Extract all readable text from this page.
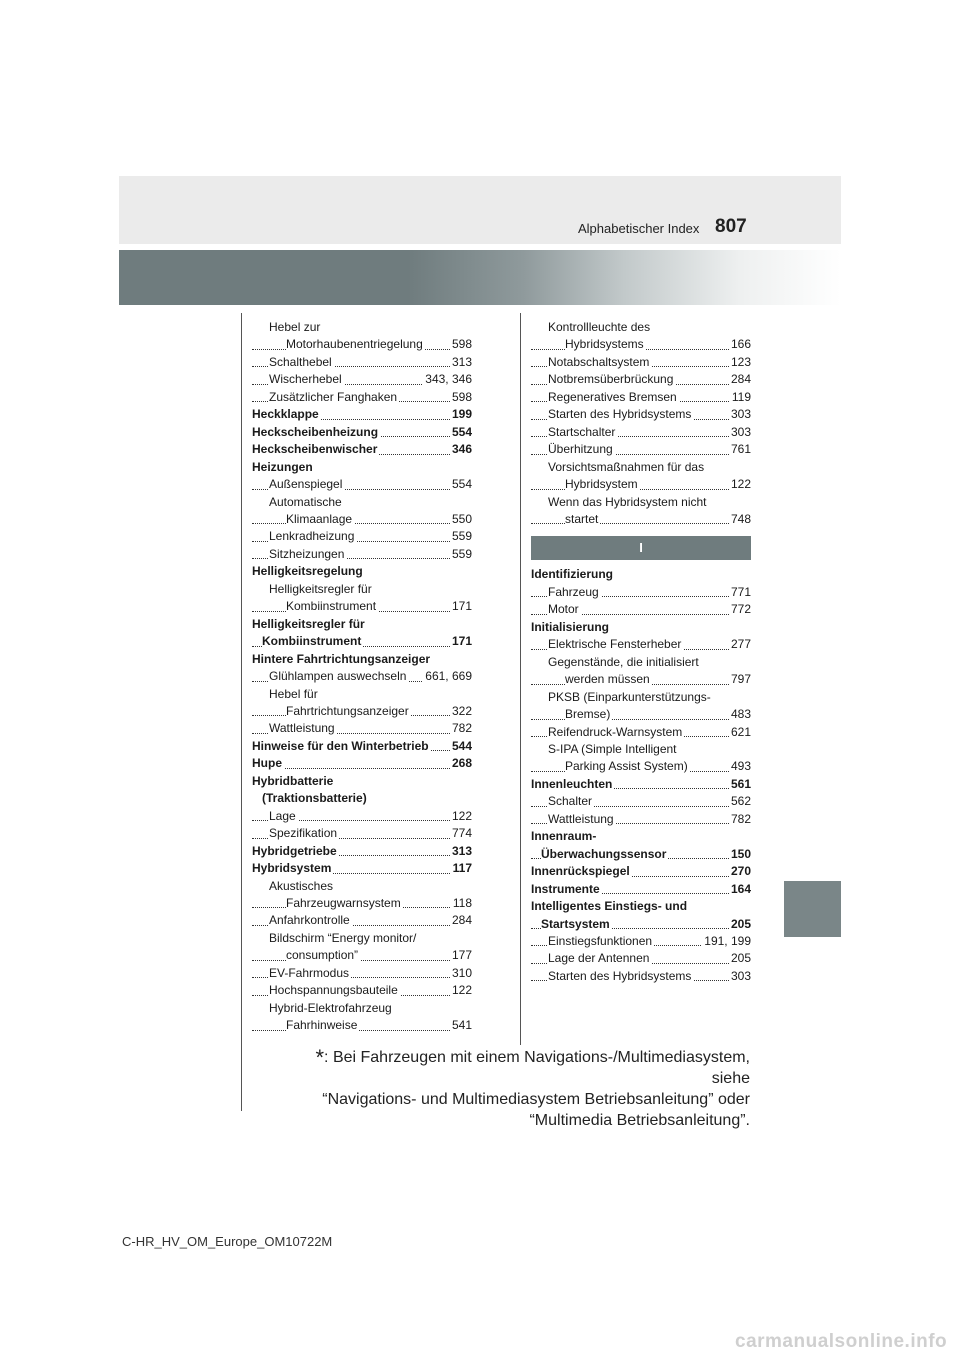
Alphabetischer Index 807
Hebel zur
Motorhaubenentriegelung 598
Schalthebel	313
Wischerhebel	343, 346
Zusätzlicher Fanghaken	598
Heckklappe	199
Heckscheibenheizung	554
Heckscheibenwischer	346
Heizungen
Außenspiegel	554
Automatische
Klimaanlage	550
Lenkradheizung	559
Sitzheizungen	559
Helligkeitsregelung
Helligkeitsregler für
Kombiinstrument	171
Helligkeitsregler für
Kombiinstrument	171
Hintere Fahrtrichtungsanzeiger
Glühlampen auswechseln 661, 669
Hebel für
Fahrtrichtungsanzeiger	322
Wattleistung	782
Hinweise für den Winterbetrieb 544
Hupe	268
Hybridbatterie
(Traktionsbatterie)
Lage	122
Spezifikation	774
Hybridgetriebe	313
Hybridsystem	117
Akustisches
Fahrzeugwarnsystem	118
Anfahrkontrolle	284
Bildschirm “Energy monitor/
consumption”	177
EV-Fahrmodus	310
Hochspannungsbauteile	122
Hybrid-Elektrofahrzeug
Fahrhinweise	541
Kontrollleuchte des
Hybridsystems	166
Notabschaltsystem	123
Notbremsüberbrückung	284
Regeneratives Bremsen	119
Starten des Hybridsystems	303
Startschalter	303
Überhitzung	761
Vorsichtsmaßnahmen für das
Hybridsystem	122
Wenn das Hybridsystem nicht
startet	748
I
Identifizierung
Fahrzeug	771
Motor	772
Initialisierung
Elektrische Fensterheber	277
Gegenstände, die initialisiert
werden müssen	797
PKSB (Einparkunterstützungs-
Bremse)	483
Reifendruck-Warnsystem	621
S-IPA (Simple Intelligent
Parking Assist System)	493
Innenleuchten	561
Schalter	562
Wattleistung	782
Innenraum-
Überwachungssensor	150
Innenrückspiegel	270
Instrumente	164
Intelligentes Einstiegs- und
Startsystem	205
Einstiegsfunktionen	191, 199
Lage der Antennen	205
Starten des Hybridsystems	303
*: Bei Fahrzeugen mit einem Navigations-/Multimediasystem, siehe
“Navigations- und Multimediasystem Betriebsanleitung” oder
“Multimedia Betriebsanleitung”.
C-HR_HV_OM_Europe_OM10722M
carmanualsonline.info
